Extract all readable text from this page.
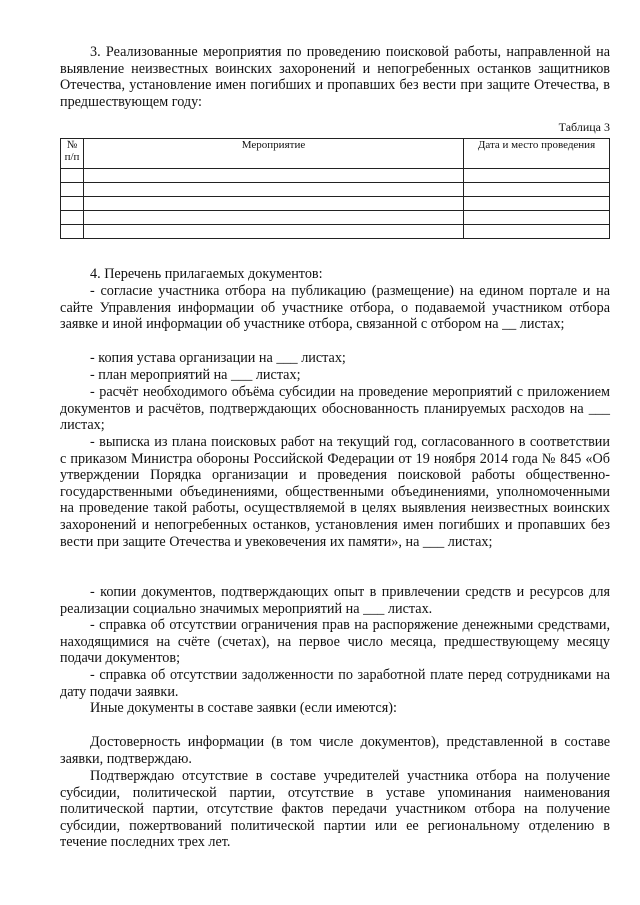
3. Реализованные мероприятия по проведению поисковой работы, направленной на выявление неизвестных воинских захоронений и непогребенных останков защитников Отечества, установление имен погибших и пропавших без вести при защите Отечества, в предшествующем году:

Таблица 3
№ п/п	Мероприятие	Дата и место проведения

4. Перечень прилагаемых документов:

- согласие участника отбора на публикацию (размещение) на едином портале и на сайте Управления информации об участнике отбора, о подаваемой участником отбора заявке и иной информации об участнике отбора, связанной с отбором на __ листах;

- копия устава организации на ___ листах;

- план мероприятий на ___ листах;

- расчёт необходимого объёма субсидии на проведение мероприятий с приложением документов и расчётов, подтверждающих обоснованность планируемых расходов на ___ листах;

- выписка из плана поисковых работ на текущий год, согласованного в соответствии с приказом Министра обороны Российской Федерации от 19 ноября 2014 года № 845 «Об утверждении Порядка организации и проведения поисковой работы общественно-государственными объединениями, общественными объединениями, уполномоченными на проведение такой работы, осуществляемой в целях выявления неизвестных воинских захоронений и непогребенных останков, установления имен погибших и пропавших без вести при защите Отечества и увековечения их памяти», на ___ листах;

- копии документов, подтверждающих опыт в привлечении средств и ресурсов для реализации социально значимых мероприятий на ___ листах.

- справка об отсутствии ограничения прав на распоряжение денежными средствами, находящимися на счёте (счетах), на первое число месяца, предшествующему месяцу подачи документов;

- справка об отсутствии задолженности по заработной плате перед сотрудниками на дату подачи заявки.

Иные документы в составе заявки (если имеются):

Достоверность информации (в том числе документов), представленной в составе заявки, подтверждаю.

Подтверждаю отсутствие в составе учредителей участника отбора на получение субсидии, политической партии, отсутствие в уставе упоминания наименования политической партии, отсутствие фактов передачи участником отбора на получение субсидии, пожертвований политической партии или ее региональному отделению в течение последних трех лет.
